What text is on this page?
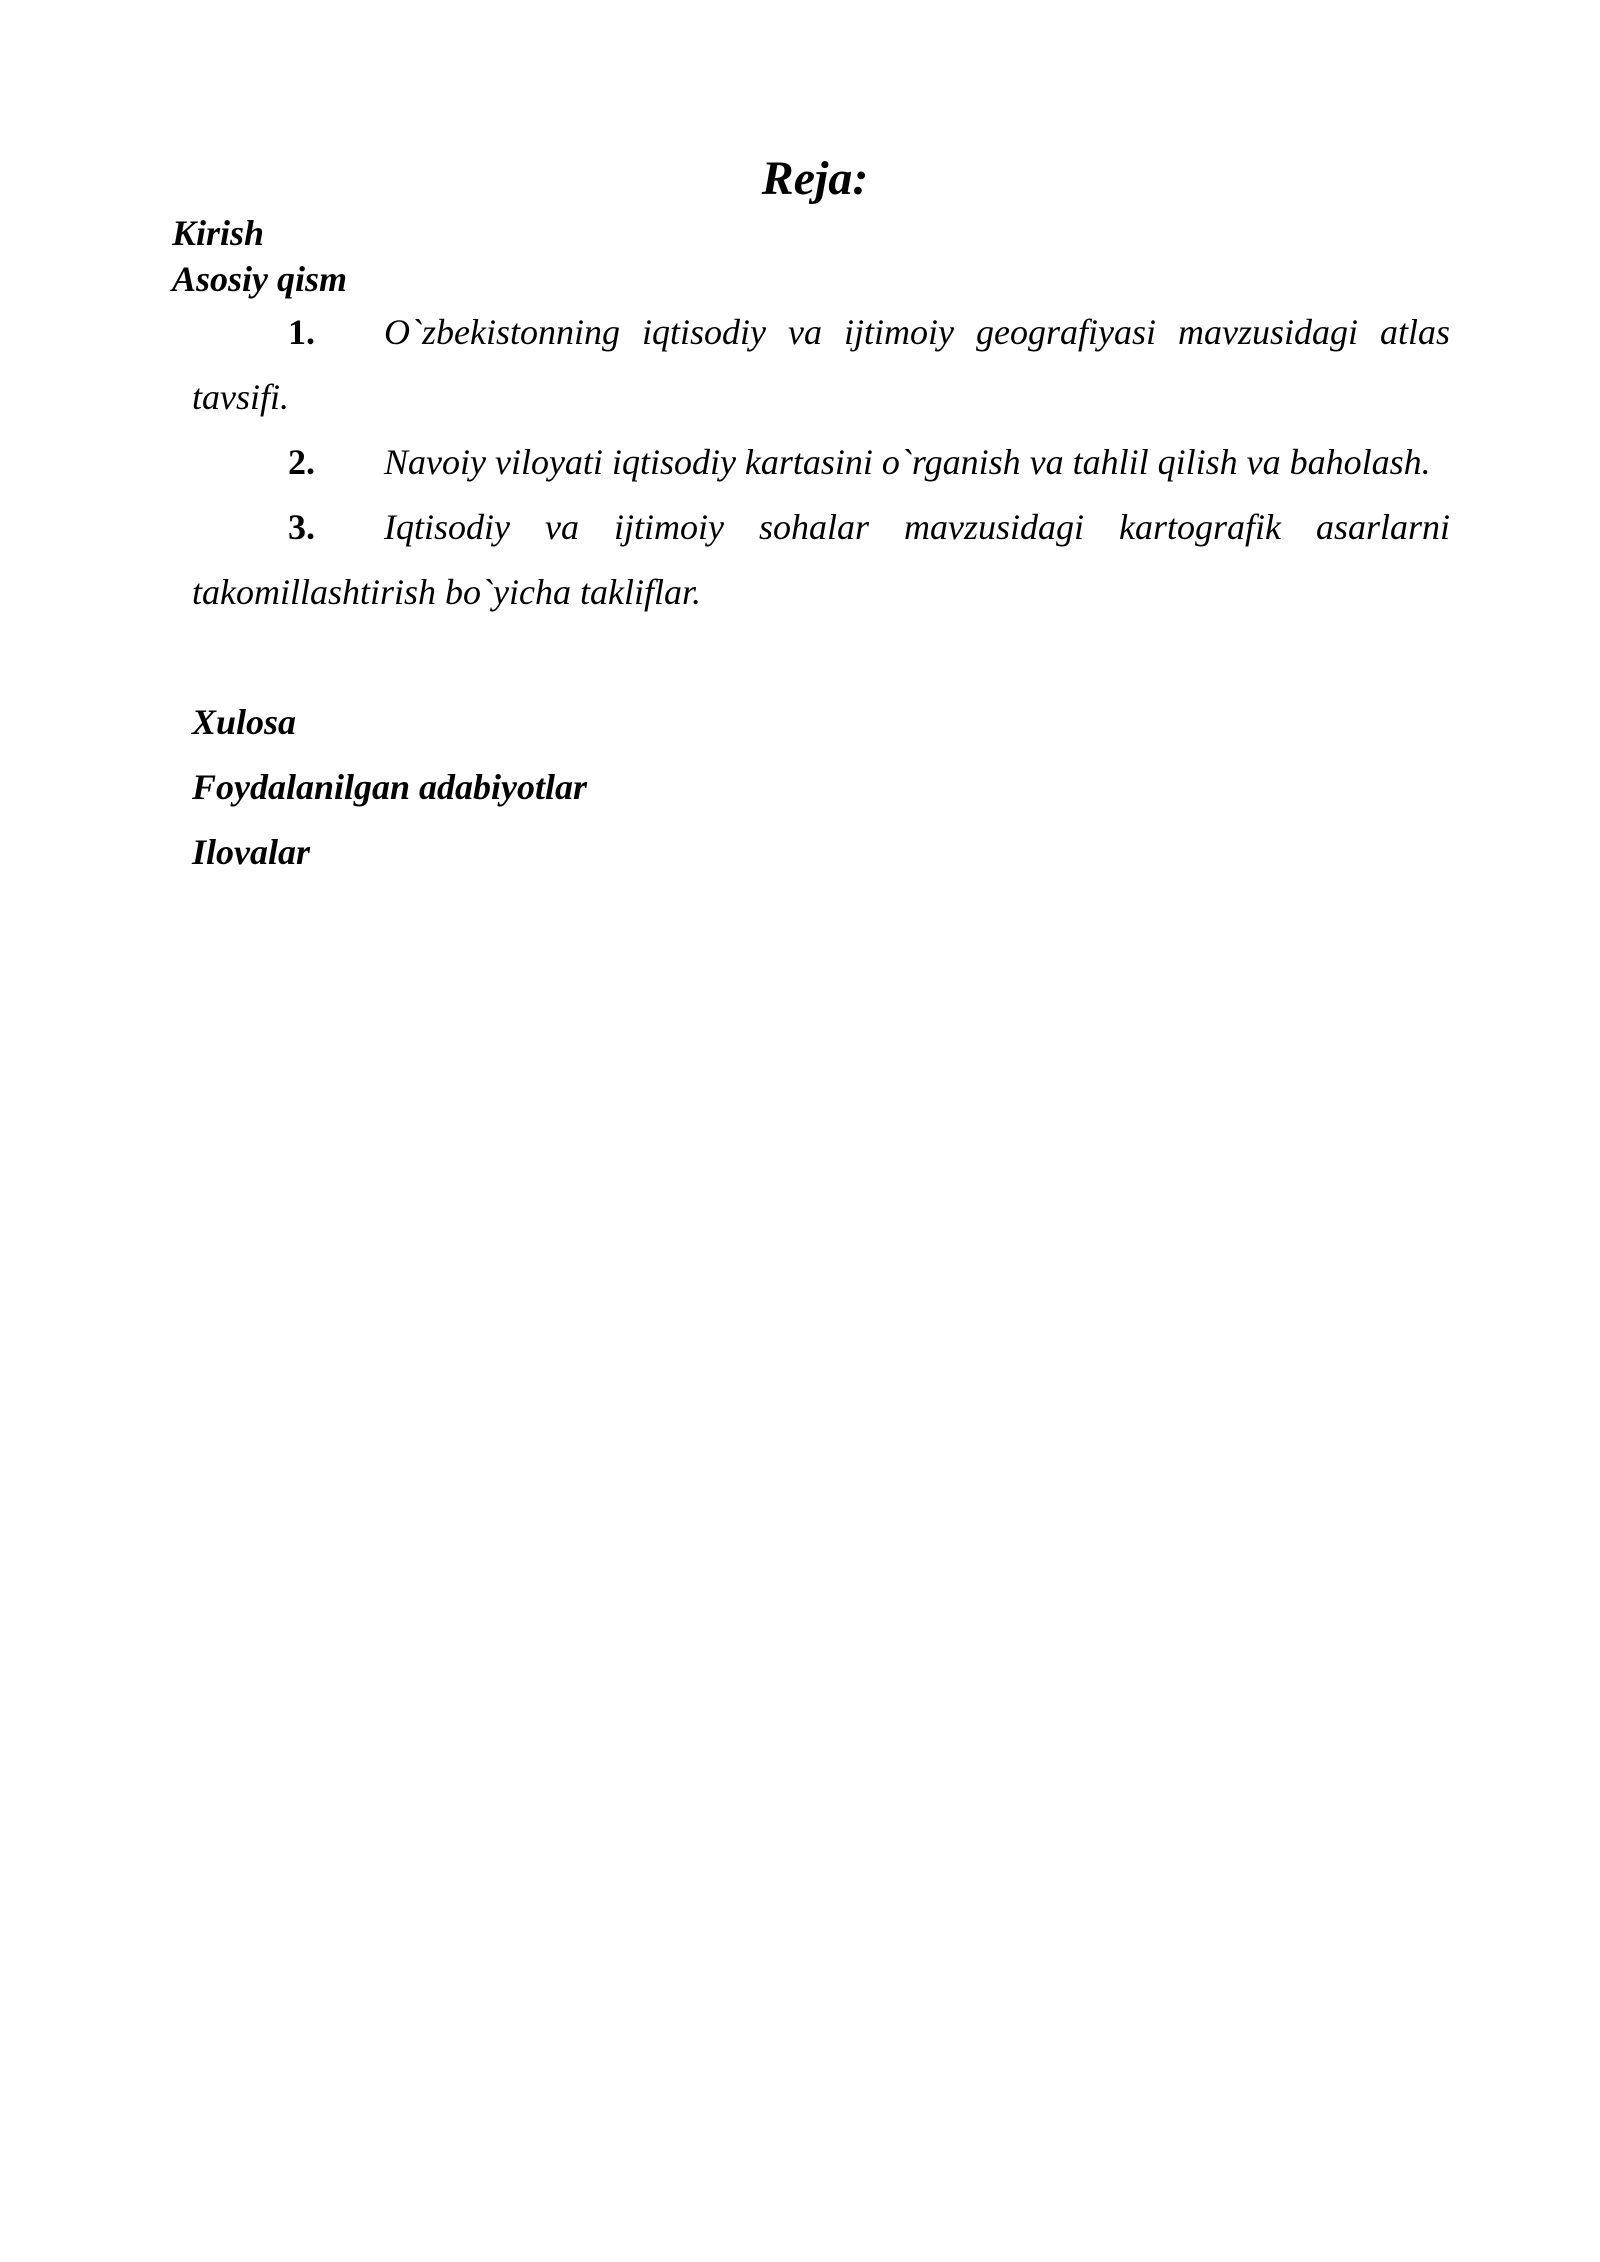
Reja:

Kirish

Asosiy qism

1. O`zbekistonning iqtisodiy va ijtimoiy geografiyasi mavzusidagi atlas tavsifi.
2. Navoiy viloyati iqtisodiy kartasini o`rganish va tahlil qilish va baholash.
3. Iqtisodiy va ijtimoiy sohalar mavzusidagi kartografik asarlarni takomillashtirish bo`yicha takliflar.

Xulosa

Foydalanilgan adabiyotlar

Ilovalar
